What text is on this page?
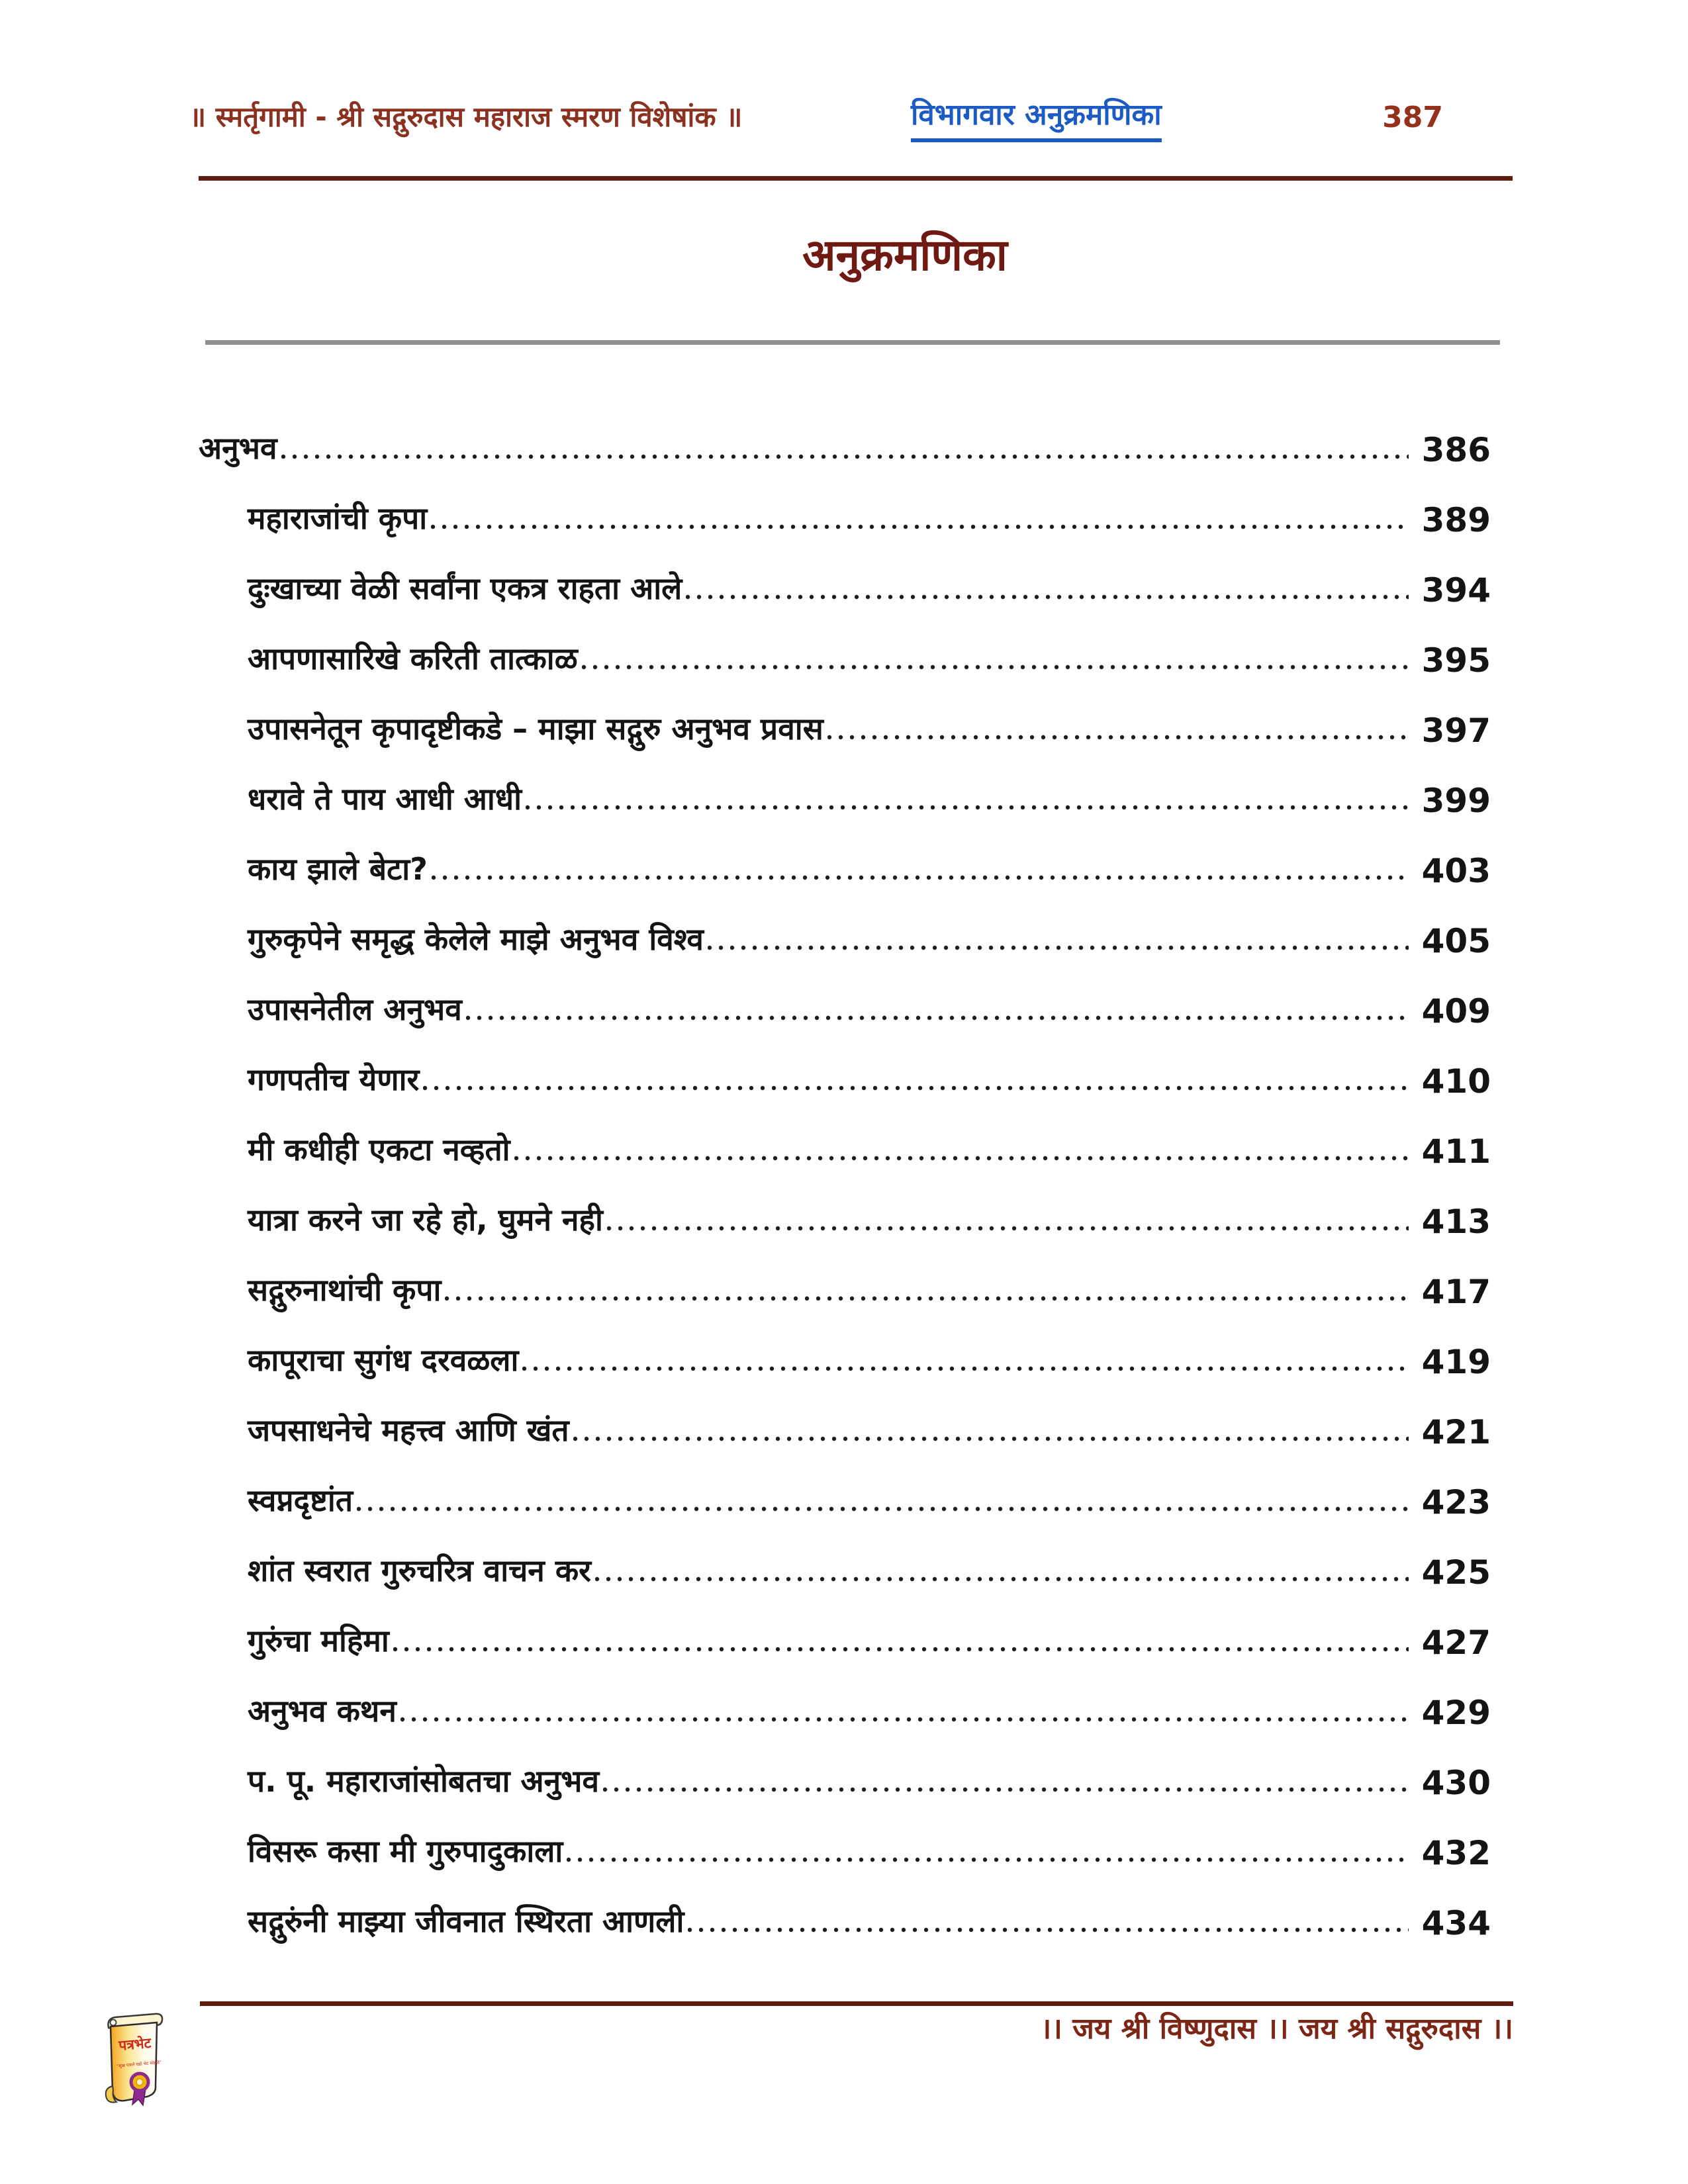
॥ स्मर्तृगामी - श्री सद्गुरुदास महाराज स्मरण विशेषांक ॥	विभागवार अनुक्रमणिका	387
अनुक्रमणिका
अनुभव	386
महाराजांची कृपा	389
दुःखाच्या वेळी सर्वांना एकत्र राहता आले	394
आपणासारिखे करिती तात्काळ	395
उपासनेतून कृपादृष्टीकडे – माझा सद्गुरु अनुभव प्रवास	397
धरावे ते पाय आधी आधी	399
काय झाले बेटा?	403
गुरुकृपेने समृद्ध केलेले माझे अनुभव विश्व	405
उपासनेतील अनुभव	409
गणपतीच येणार	410
मी कधीही एकटा नव्हतो	411
यात्रा करने जा रहे हो, घुमने नही	413
सद्गुरुनाथांची कृपा	417
कापूराचा सुगंध दरवळला	419
जपसाधनेचे महत्त्व आणि खंत	421
स्वप्नदृष्टांत	423
शांत स्वरात गुरुचरित्र वाचन कर	425
गुरुंचा महिमा	427
अनुभव कथन	429
प. पू. महाराजांसोबतचा अनुभव	430
विसरू कसा मी गुरुपादुकाला	432
सद्गुरुंनी माझ्या जीवनात स्थिरता आणली	434
।। जय श्री विष्णुदास ।। जय श्री सद्गुरुदास ।।
पत्रभेट
“सुख पत्राने घडो भेट सोहळे”
